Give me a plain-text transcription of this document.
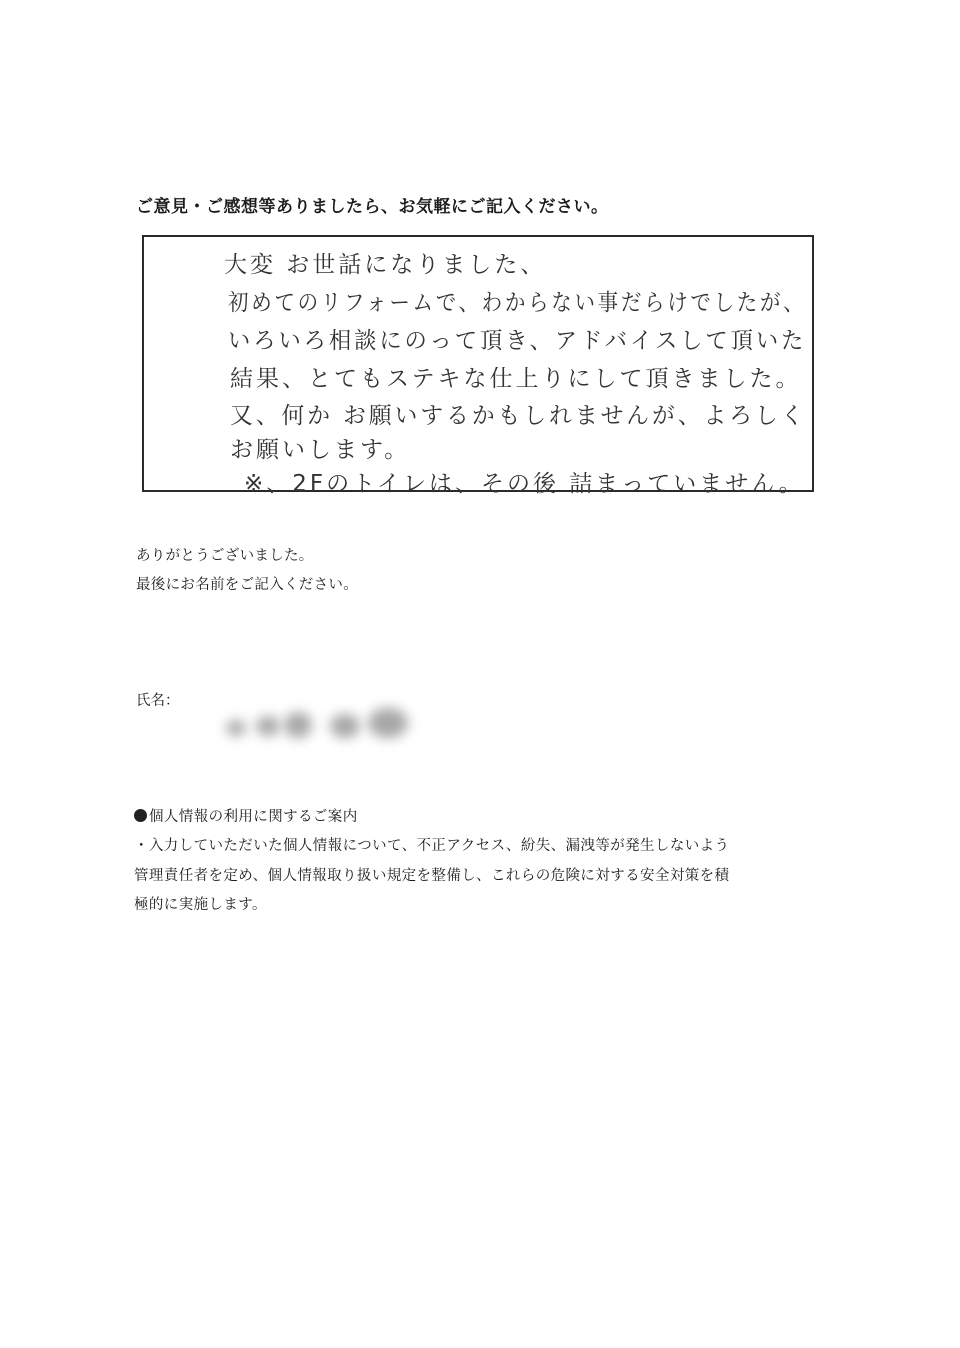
ご意見・ご感想等ありましたら、お気軽にご記入ください。
大変 お世話になりました、
初めてのリフォームで、わからない事だらけでしたが、
いろいろ相談にのって頂き、アドバイスして頂いた
結果、とてもステキな仕上りにして頂きました。
又、何か お願いするかもしれませんが、よろしく
お願いします。
※、2Fのトイレは、その後 詰まっていません。
ありがとうございました。
最後にお名前をご記入ください。
氏名：
個人情報の利用に関するご案内
・入力していただいた個人情報について、不正アクセス、紛失、漏洩等が発生しないよう
管理責任者を定め、個人情報取り扱い規定を整備し、これらの危険に対する安全対策を積
極的に実施します。
